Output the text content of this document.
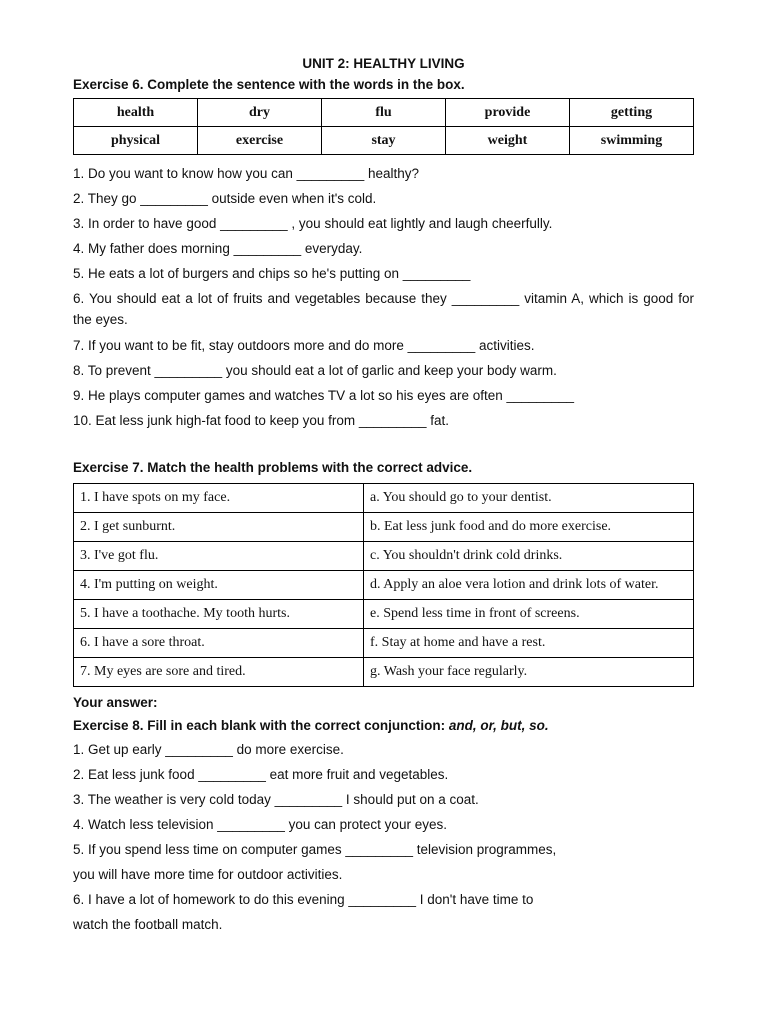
UNIT 2: HEALTHY LIVING
Exercise 6. Complete the sentence with the words in the box.
health	dry	flu	provide	getting
physical	exercise	stay	weight	swimming
1. Do you want to know how you can _________ healthy?
2. They go _________ outside even when it's cold.
3. In order to have good _________ , you should eat lightly and laugh cheerfully.
4. My father does morning _________ everyday.
5. He eats a lot of burgers and chips so he's putting on _________
6. You should eat a lot of fruits and vegetables because they _________ vitamin A, which is good for the eyes.
7. If you want to be fit, stay outdoors more and do more _________ activities.
8. To prevent _________ you should eat a lot of garlic and keep your body warm.
9. He plays computer games and watches TV a lot so his eyes are often _________
10. Eat less junk high-fat food to keep you from _________ fat.
Exercise 7. Match the health problems with the correct advice.
1. I have spots on my face.	a. You should go to your dentist.
2. I get sunburnt.	b. Eat less junk food and do more exercise.
3. I've got flu.	c. You shouldn't drink cold drinks.
4. I'm putting on weight.	d. Apply an aloe vera lotion and drink lots of water.
5. I have a toothache. My tooth hurts.	e. Spend less time in front of screens.
6. I have a sore throat.	f. Stay at home and have a rest.
7. My eyes are sore and tired.	g. Wash your face regularly.
Your answer:
Exercise 8. Fill in each blank with the correct conjunction: and, or, but, so.
1. Get up early _________ do more exercise.
2. Eat less junk food _________ eat more fruit and vegetables.
3. The weather is very cold today _________ I should put on a coat.
4. Watch less television _________ you can protect your eyes.
5. If you spend less time on computer games _________ television programmes,
you will have more time for outdoor activities.
6. I have a lot of homework to do this evening _________ I don't have time to
watch the football match.
